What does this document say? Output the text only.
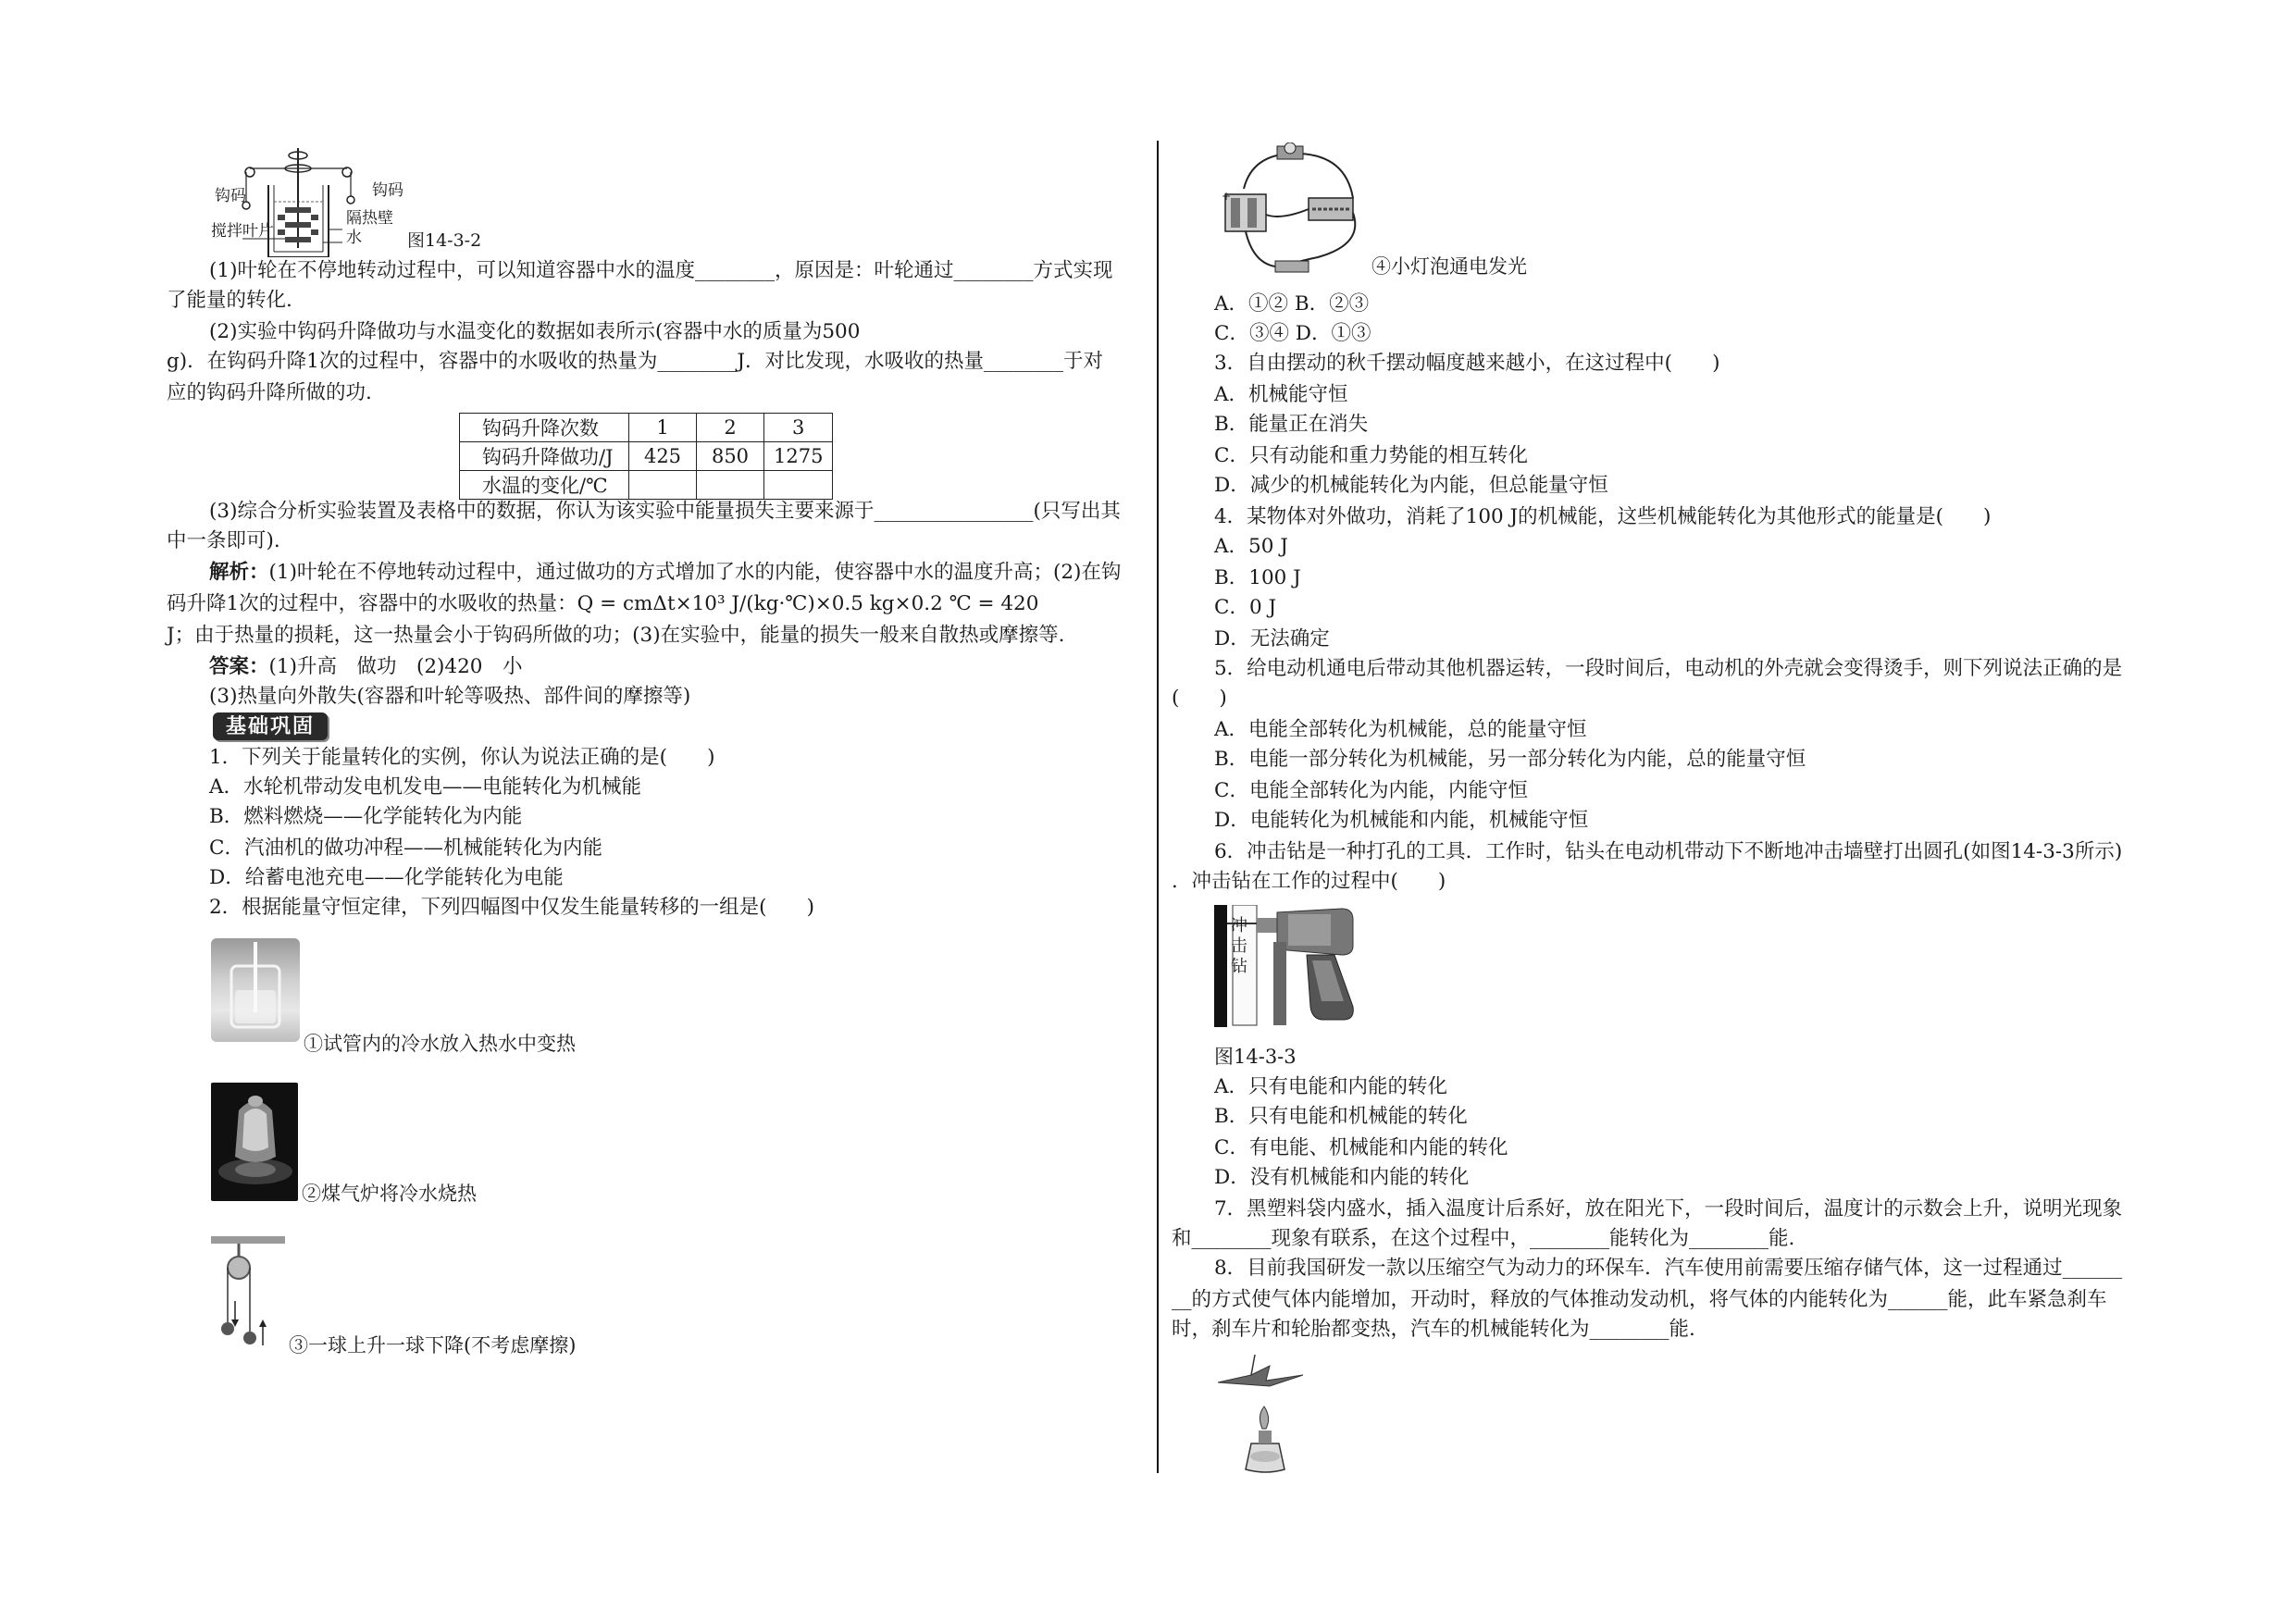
钩码	钩码
搅拌叶片
隔热壁
水	图14-3-2
(1)叶轮在不停地转动过程中，可以知道容器中水的温度________，原因是：叶轮通过________方式实现
了能量的转化.
(2)实验中钩码升降做功与水温变化的数据如表所示(容器中水的质量为500
g)．在钩码升降1次的过程中，容器中的水吸收的热量为________J．对比发现，水吸收的热量________于对
应的钩码升降所做的功.
钩码升降次数	1	2	3
钩码升降做功/J	425	850	1275
水温的变化/℃			
(3)综合分析实验装置及表格中的数据，你认为该实验中能量损失主要来源于________________(只写出其
中一条即可).
解析：(1)叶轮在不停地转动过程中，通过做功的方式增加了水的内能，使容器中水的温度升高；(2)在钩
码升降1次的过程中，容器中的水吸收的热量：Q = cmΔt×10³ J/(kg·℃)×0.5 kg×0.2 ℃ = 420
J；由于热量的损耗，这一热量会小于钩码所做的功；(3)在实验中，能量的损失一般来自散热或摩擦等.
答案：(1)升高　做功　(2)420　小
(3)热量向外散失(容器和叶轮等吸热、部件间的摩擦等)
基础巩固
1．下列关于能量转化的实例，你认为说法正确的是(　　)
A．水轮机带动发电机发电——电能转化为机械能
B．燃料燃烧——化学能转化为内能
C．汽油机的做功冲程——机械能转化为内能
D．给蓄电池充电——化学能转化为电能
2．根据能量守恒定律，下列四幅图中仅发生能量转移的一组是(　　)
①试管内的冷水放入热水中变热
②煤气炉将冷水烧热
③一球上升一球下降(不考虑摩擦)
+
④小灯泡通电发光
A．①② B．②③
C．③④ D．①③
3．自由摆动的秋千摆动幅度越来越小，在这过程中(　　)
A．机械能守恒
B．能量正在消失
C．只有动能和重力势能的相互转化
D．减少的机械能转化为内能，但总能量守恒
4．某物体对外做功，消耗了100 J的机械能，这些机械能转化为其他形式的能量是(　　)
A．50 J
B．100 J
C．0 J
D．无法确定
5．给电动机通电后带动其他机器运转，一段时间后，电动机的外壳就会变得烫手，则下列说法正确的是
(　　)
A．电能全部转化为机械能，总的能量守恒
B．电能一部分转化为机械能，另一部分转化为内能，总的能量守恒
C．电能全部转化为内能，内能守恒
D．电能转化为机械能和内能，机械能守恒
6．冲击钻是一种打孔的工具．工作时，钻头在电动机带动下不断地冲击墙壁打出圆孔(如图14-3-3所示)
．冲击钻在工作的过程中(　　)
冲击钻
图14-3-3
A．只有电能和内能的转化
B．只有电能和机械能的转化
C．有电能、机械能和内能的转化
D．没有机械能和内能的转化
7．黑塑料袋内盛水，插入温度计后系好，放在阳光下，一段时间后，温度计的示数会上升，说明光现象
和________现象有联系，在这个过程中，________能转化为________能.
8．目前我国研发一款以压缩空气为动力的环保车．汽车使用前需要压缩存储气体，这一过程通过______
__的方式使气体内能增加，开动时，释放的气体推动发动机，将气体的内能转化为______能，此车紧急刹车
时，刹车片和轮胎都变热，汽车的机械能转化为________能.
